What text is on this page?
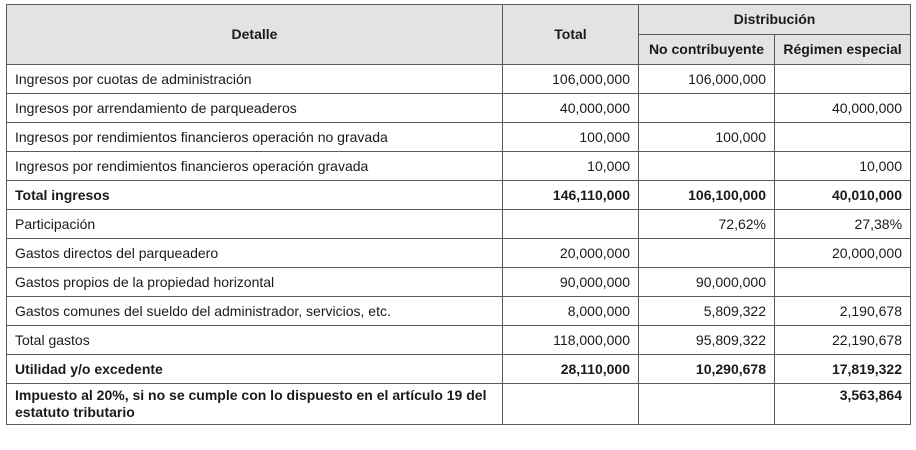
Detalle	Total	Distribución	
		No contribuyente	Régimen especial
Ingresos por cuotas de administración	106,000,000	106,000,000	
Ingresos por arrendamiento de parqueaderos	40,000,000		40,000,000
Ingresos por rendimientos financieros operación no gravada	100,000	100,000	
Ingresos por rendimientos financieros operación gravada	10,000		10,000
Total ingresos	146,110,000	106,100,000	40,010,000
Participación		72,62%	27,38%
Gastos directos del parqueadero	20,000,000		20,000,000
Gastos propios de la propiedad horizontal	90,000,000	90,000,000	
Gastos comunes del sueldo del administrador, servicios, etc.	8,000,000	5,809,322	2,190,678
Total gastos	118,000,000	95,809,322	22,190,678
Utilidad y/o excedente	28,110,000	10,290,678	17,819,322
Impuesto al 20%, si no se cumple con lo dispuesto en el artículo 19 del estatuto tributario			3,563,864
